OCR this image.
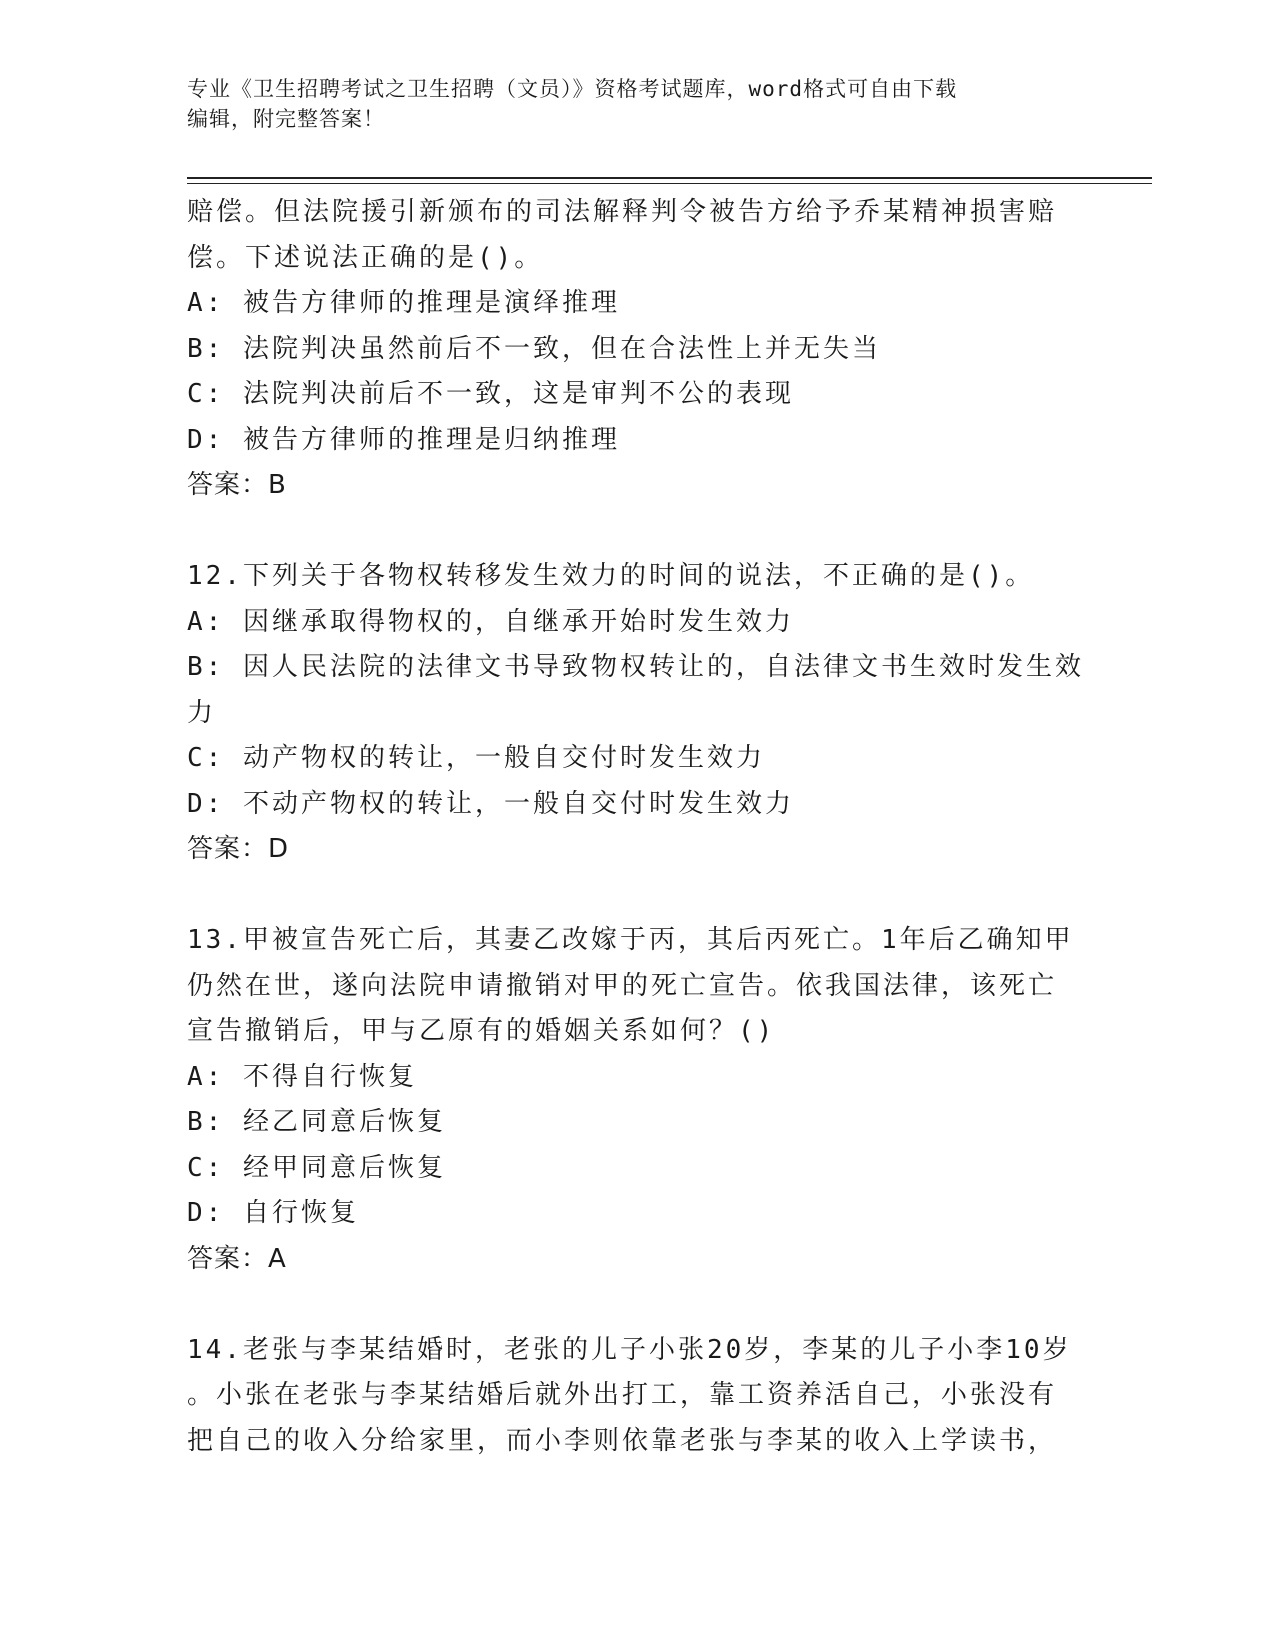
专业《卫生招聘考试之卫生招聘（文员）》资格考试题库，word格式可自由下载
编辑，附完整答案！
赔偿。但法院援引新颁布的司法解释判令被告方给予乔某精神损害赔
偿。下述说法正确的是()。
A: 被告方律师的推理是演绎推理
B: 法院判决虽然前后不一致，但在合法性上并无失当
C: 法院判决前后不一致，这是审判不公的表现
D: 被告方律师的推理是归纳推理
答案：B
12.下列关于各物权转移发生效力的时间的说法，不正确的是()。
A: 因继承取得物权的，自继承开始时发生效力
B: 因人民法院的法律文书导致物权转让的，自法律文书生效时发生效
力
C: 动产物权的转让，一般自交付时发生效力
D: 不动产物权的转让，一般自交付时发生效力
答案：D
13.甲被宣告死亡后，其妻乙改嫁于丙，其后丙死亡。1年后乙确知甲
仍然在世，遂向法院申请撤销对甲的死亡宣告。依我国法律，该死亡
宣告撤销后，甲与乙原有的婚姻关系如何？()
A: 不得自行恢复
B: 经乙同意后恢复
C: 经甲同意后恢复
D: 自行恢复
答案：A
14.老张与李某结婚时，老张的儿子小张20岁，李某的儿子小李10岁
。小张在老张与李某结婚后就外出打工，靠工资养活自己，小张没有
把自己的收入分给家里，而小李则依靠老张与李某的收入上学读书，
